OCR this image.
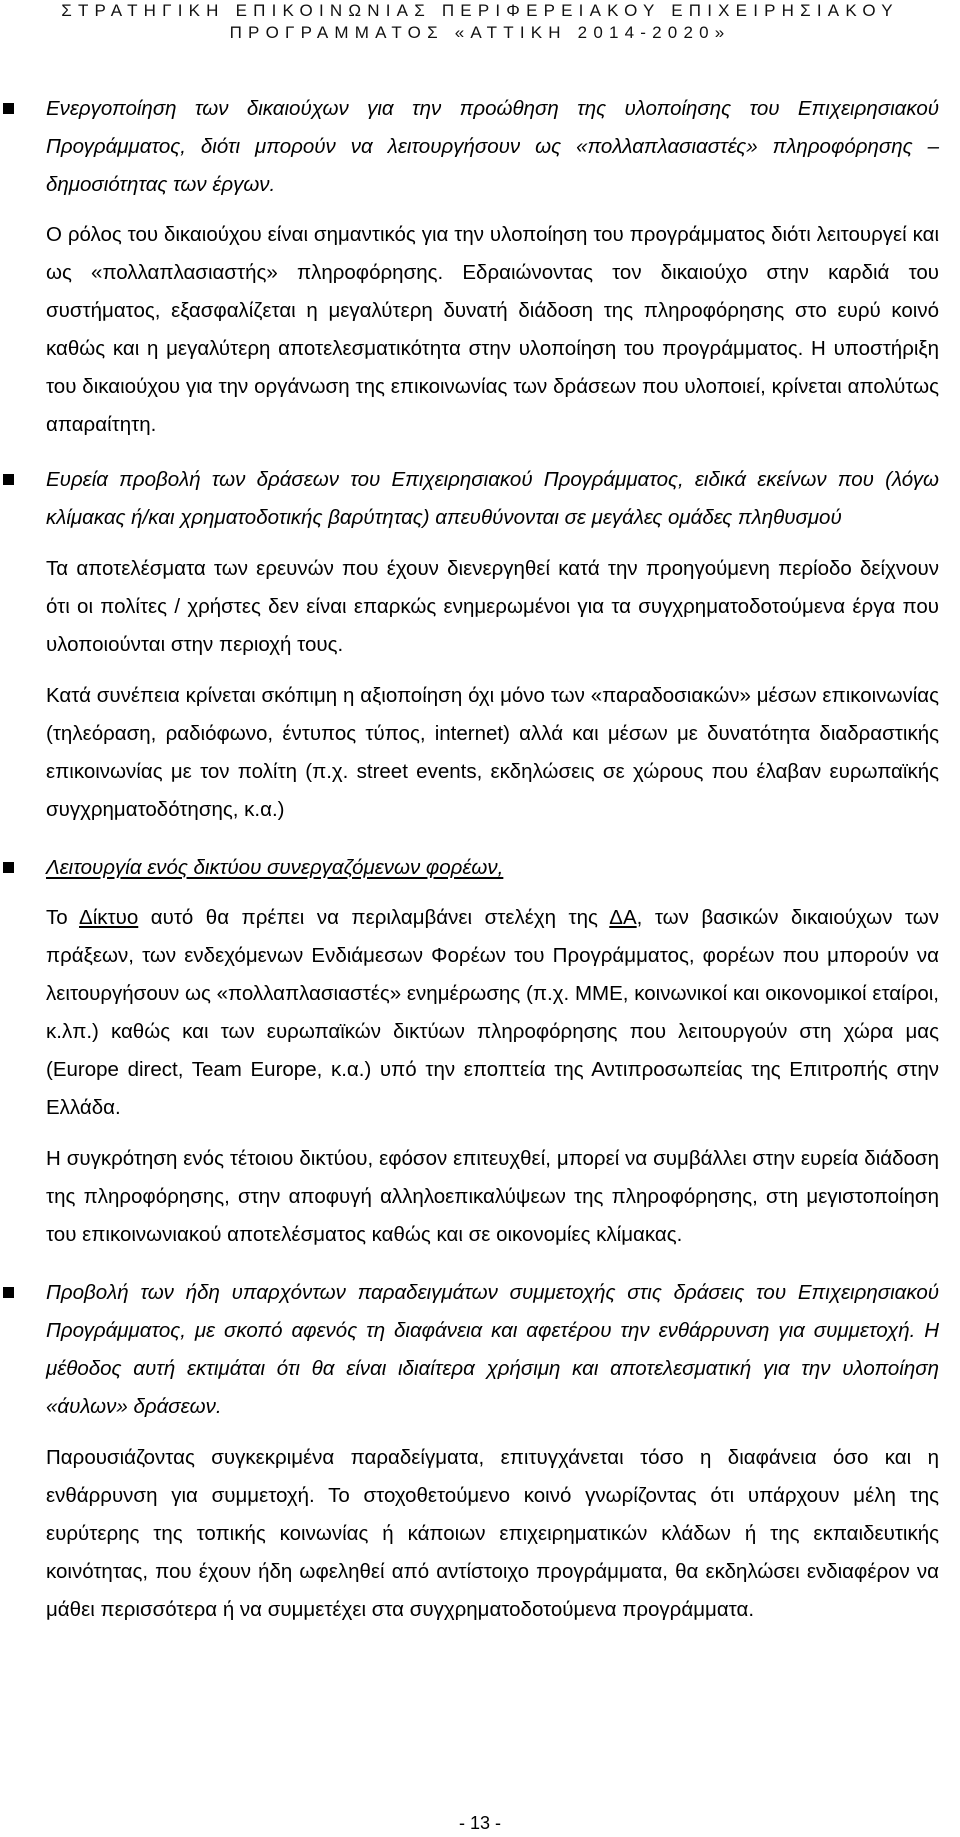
ΣΤΡΑΤΗΓΙΚΗ ΕΠΙΚΟΙΝΩΝΙΑΣ ΠΕΡΙΦΕΡΕΙΑΚΟΥ ΕΠΙΧΕΙΡΗΣΙΑΚΟΥ
ΠΡΟΓΡΑΜΜΑΤΟΣ «ΑΤΤΙΚΗ 2014-2020»

Ενεργοποίηση των δικαιούχων για την προώθηση της υλοποίησης του Επιχειρησιακού Προγράμματος, διότι μπορούν να λειτουργήσουν ως «πολλαπλασιαστές» πληροφόρησης – δημοσιότητας των έργων.

Ο ρόλος του δικαιούχου είναι σημαντικός για την υλοποίηση του προγράμματος διότι λειτουργεί και ως «πολλαπλασιαστής» πληροφόρησης. Εδραιώνοντας τον δικαιούχο στην καρδιά του συστήματος, εξασφαλίζεται η μεγαλύτερη δυνατή διάδοση της πληροφόρησης στο ευρύ κοινό καθώς και η μεγαλύτερη αποτελεσματικότητα στην υλοποίηση του προγράμματος. Η υποστήριξη του δικαιούχου για την οργάνωση της επικοινωνίας των δράσεων που υλοποιεί, κρίνεται απολύτως απαραίτητη.

Ευρεία προβολή των δράσεων του Επιχειρησιακού Προγράμματος, ειδικά εκείνων που (λόγω κλίμακας ή/και χρηματοδοτικής βαρύτητας) απευθύνονται σε μεγάλες ομάδες πληθυσμού

Τα αποτελέσματα των ερευνών που έχουν διενεργηθεί κατά την προηγούμενη περίοδο δείχνουν ότι οι πολίτες / χρήστες δεν είναι επαρκώς ενημερωμένοι για τα συγχρηματοδοτούμενα έργα που υλοποιούνται στην περιοχή τους.

Κατά συνέπεια κρίνεται σκόπιμη η αξιοποίηση όχι μόνο των «παραδοσιακών» μέσων επικοινωνίας (τηλεόραση, ραδιόφωνο, έντυπος τύπος, internet) αλλά και μέσων με δυνατότητα διαδραστικής επικοινωνίας με τον πολίτη (π.χ. street events, εκδηλώσεις σε χώρους που έλαβαν ευρωπαϊκής συγχρηματοδότησης, κ.α.)

Λειτουργία ενός δικτύου συνεργαζόμενων φορέων,

Το Δίκτυο αυτό θα πρέπει να περιλαμβάνει στελέχη της ΔΑ, των βασικών δικαιούχων των πράξεων, των ενδεχόμενων Ενδιάμεσων Φορέων του Προγράμματος, φορέων που μπορούν να λειτουργήσουν ως «πολλαπλασιαστές» ενημέρωσης (π.χ. ΜΜΕ, κοινωνικοί και οικονομικοί εταίροι, κ.λπ.) καθώς και των ευρωπαϊκών δικτύων πληροφόρησης που λειτουργούν στη χώρα μας (Europe direct, Team Europe, κ.α.) υπό την εποπτεία της Αντιπροσωπείας της Επιτροπής στην Ελλάδα.

Η συγκρότηση ενός τέτοιου δικτύου, εφόσον επιτευχθεί, μπορεί να συμβάλλει στην ευρεία διάδοση της πληροφόρησης, στην αποφυγή αλληλοεπικαλύψεων της πληροφόρησης, στη μεγιστοποίηση του επικοινωνιακού αποτελέσματος καθώς και σε οικονομίες κλίμακας.

Προβολή των ήδη υπαρχόντων παραδειγμάτων συμμετοχής στις δράσεις του Επιχειρησιακού Προγράμματος, με σκοπό αφενός τη διαφάνεια και αφετέρου την ενθάρρυνση για συμμετοχή. Η μέθοδος αυτή εκτιμάται ότι θα είναι ιδιαίτερα χρήσιμη και αποτελεσματική για την υλοποίηση «άυλων» δράσεων.

Παρουσιάζοντας συγκεκριμένα παραδείγματα, επιτυγχάνεται τόσο η διαφάνεια όσο και η ενθάρρυνση για συμμετοχή. Το στοχοθετούμενο κοινό γνωρίζοντας ότι υπάρχουν μέλη της ευρύτερης της τοπικής κοινωνίας ή κάποιων επιχειρηματικών κλάδων ή της εκπαιδευτικής κοινότητας, που έχουν ήδη ωφεληθεί από αντίστοιχο προγράμματα, θα εκδηλώσει ενδιαφέρον να μάθει περισσότερα ή να συμμετέχει στα συγχρηματοδοτούμενα προγράμματα.

- 13 -
